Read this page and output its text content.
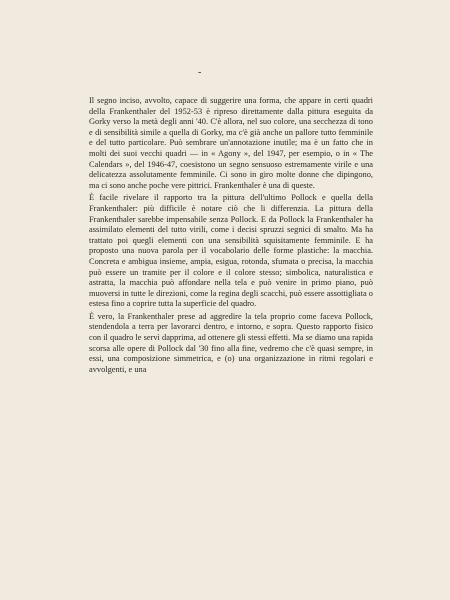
-

Il segno inciso, avvolto, capace di suggerire una forma, che appare in certi quadri della Frankenthaler del 1952-53 è ripreso direttamente dalla pittura eseguita da Gorky verso la metà degli anni '40. C'è allora, nel suo colore, una secchezza di tono e di sensibilità simile a quella di Gorky, ma c'è già anche un pallore tutto femminile e del tutto particolare. Può sembrare un'annotazione inutile; ma è un fatto che in molti dei suoi vecchi quadri — in « Agony », del 1947, per esempio, o in « The Calendars », del 1946-47, coesistono un segno sensuoso estremamente virile e una delicatezza assolutamente femminile. Ci sono in giro molte donne che dipingono, ma ci sono anche poche vere pittrici. Frankenthaler è una di queste.

È facile rivelare il rapporto tra la pittura dell'ultimo Pollock e quella della Frankenthaler: più difficile è notare ciò che li differenzia. La pittura della Frankenthaler sarebbe impensabile senza Pollock. E da Pollock la Frankenthaler ha assimilato elementi del tutto virili, come i decisi spruzzi segnici di smalto. Ma ha trattato poi quegli elementi con una sensibilità squisitamente femminile. E ha proposto una nuova parola per il vocabolario delle forme plastiche: la macchia. Concreta e ambigua insieme, ampia, esigua, rotonda, sfumata o precisa, la macchia può essere un tramite per il colore e il colore stesso; simbolica, naturalistica e astratta, la macchia può affondare nella tela e può venire in primo piano, può muoversi in tutte le direzioni, come la regina degli scacchi, può essere assottigliata o estesa fino a coprire tutta la superficie del quadro.

È vero, la Frankenthaler prese ad aggredire la tela proprio come faceva Pollock, stendendola a terra per lavorarci dentro, e intorno, e sopra. Questo rapporto fisico con il quadro le servì dapprima, ad ottenere gli stessi effetti. Ma se diamo una rapida scorsa alle opere di Pollock dal '30 fino alla fine, vedremo che c'è quasi sempre, in essi, una composizione simmetrica, e (o) una organizzazione in ritmi regolari e avvolgenti, e una
